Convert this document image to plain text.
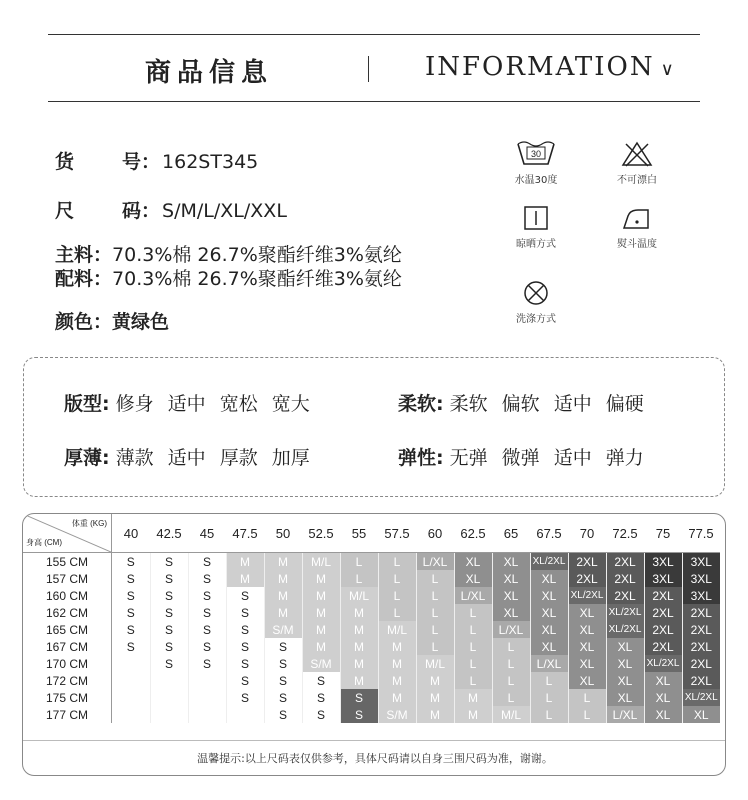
商品信息	INFORMATION ∨
货	号： 162ST345
尺	码： S/M/L/XL/XXL
主料：70.3%棉 26.7%聚酯纤维3%氨纶
配料：70.3%棉 26.7%聚酯纤维3%氨纶
颜色：黄绿色
30
水温30度	不可漂白
晾晒方式	熨斗温度
洗涤方式
版型: 修身 适中 宽松 宽大	柔软: 柔软 偏软 适中 偏硬
厚薄: 薄款 适中 厚款 加厚	弹性: 无弹 微弹 适中 弹力
体重 (KG)
身高 (CM)	40	42.5	45	47.5	50	52.5	55	57.5	60	62.5	65	67.5	70	72.5	75	77.5
155 CM	S	S	S	M	M	M/L	L	L	L/XL	XL	XL	XL/2XL	2XL	2XL	3XL	3XL
157 CM	S	S	S	M	M	M	L	L	L	XL	XL	XL	2XL	2XL	3XL	3XL
160 CM	S	S	S	S	M	M	M/L	L	L	L/XL	XL	XL	XL/2XL	2XL	2XL	3XL
162 CM	S	S	S	S	M	M	M	L	L	L	XL	XL	XL	XL/2XL	2XL	2XL
165 CM	S	S	S	S	S/M	M	M	M/L	L	L	L/XL	XL	XL	XL/2XL	2XL	2XL
167 CM	S	S	S	S	S	M	M	M	L	L	L	XL	XL	XL	2XL	2XL
170 CM		S	S	S	S	S/M	M	M	M/L	L	L	L/XL	XL	XL	XL/2XL	2XL
172 CM				S	S	S	M	M	M	L	L	L	XL	XL	XL	2XL
175 CM				S	S	S	S	M	M	M	L	L	L	XL	XL	XL/2XL
177 CM					S	S	S	S/M	M	M	M/L	L	L	L/XL	XL	XL
温馨提示:以上尺码表仅供参考，具体尺码请以自身三围尺码为准，谢谢。
